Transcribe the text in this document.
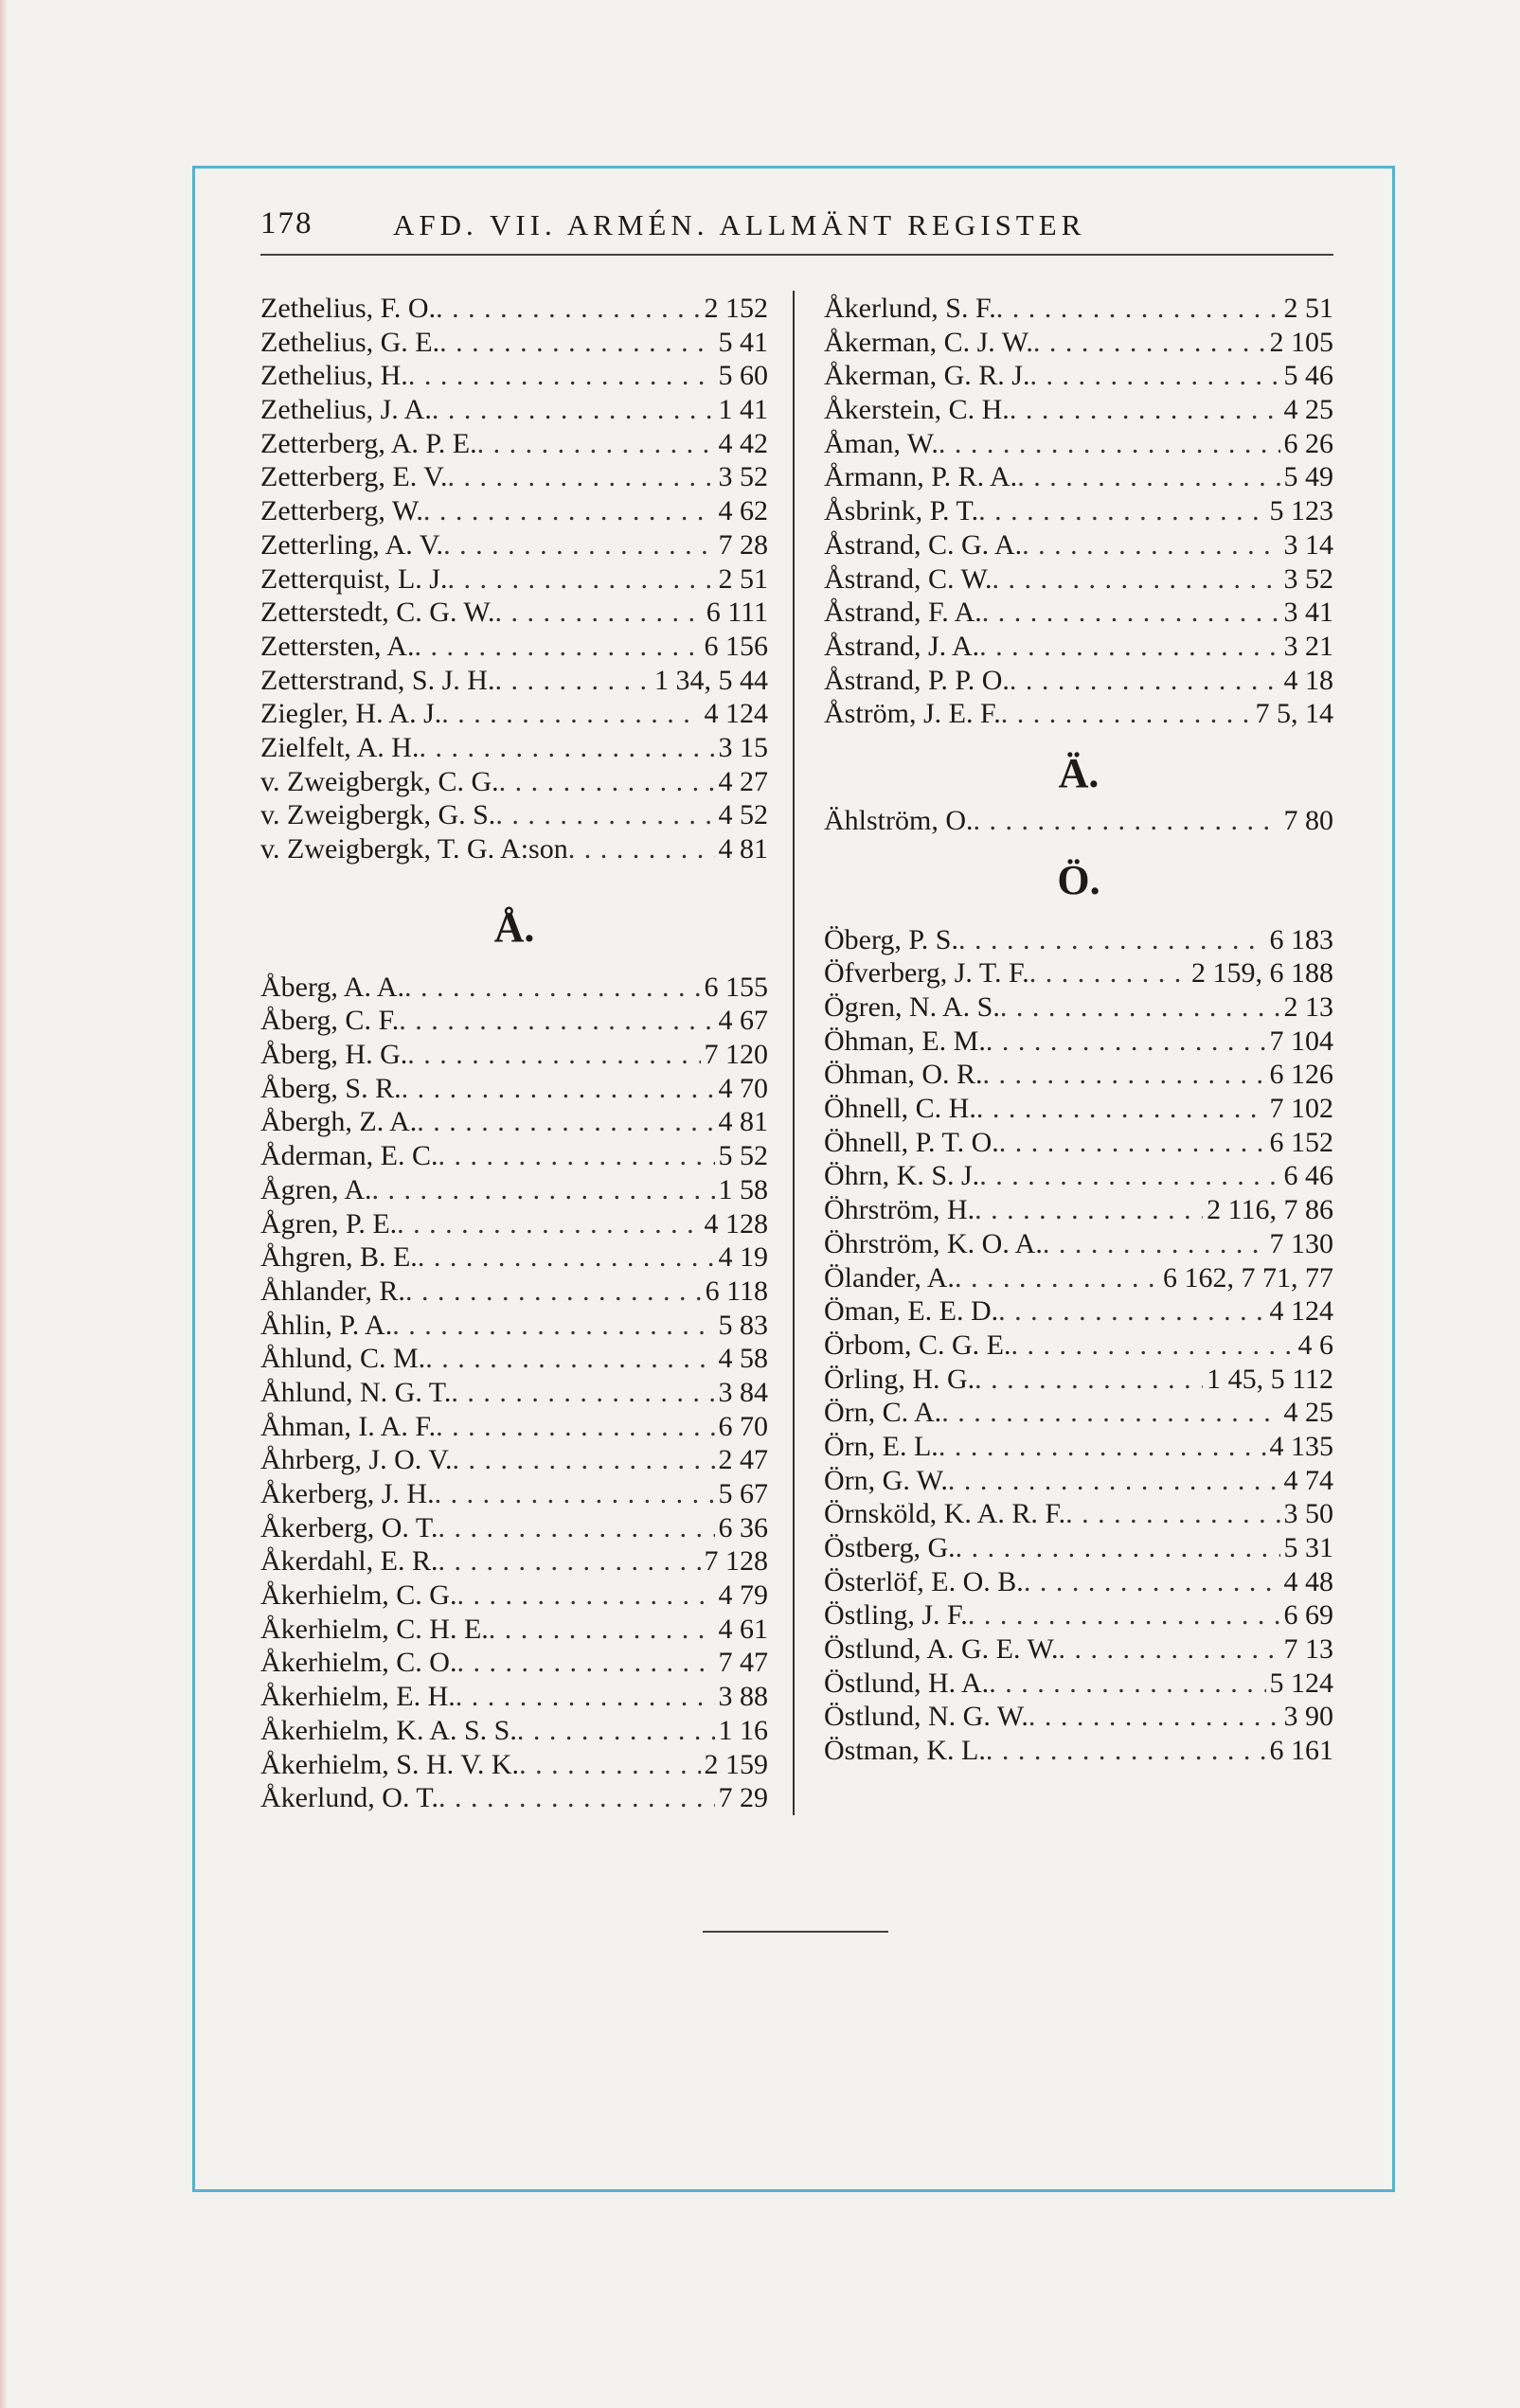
178	AFD. VII. ARMÉN. ALLMÄNT REGISTER
Zethelius, F. O. . . .	2 152
Zethelius, G. E. . . .	5 41
Zethelius, H. . . .	5 60
Zethelius, J. A. . . .	1 41
Zetterberg, A. P. E. . . .	4 42
Zetterberg, E. V. . . .	3 52
Zetterberg, W. . . .	4 62
Zetterling, A. V. . . .	7 28
Zetterquist, L. J. . . .	2 51
Zetterstedt, C. G. W. . . .	6 111
Zettersten, A. . . .	6 156
Zetterstrand, S. J. H. . . .	1 34, 5 44
Ziegler, H. A. J. . . .	4 124
Zielfelt, A. H. . . .	3 15
v. Zweigbergk, C. G. . . .	4 27
v. Zweigbergk, G. S. . . .	4 52
v. Zweigbergk, T. G. A:son . . .	4 81
Å.
Åberg, A. A. . . .	6 155
Åberg, C. F. . . .	4 67
Åberg, H. G. . . .	7 120
Åberg, S. R. . . .	4 70
Åbergh, Z. A. . . .	4 81
Åderman, E. C. . . .	5 52
Ågren, A. . . .	1 58
Ågren, P. E. . . .	4 128
Åhgren, B. E. . . .	4 19
Åhlander, R. . . .	6 118
Åhlin, P. A. . . .	5 83
Åhlund, C. M. . . .	4 58
Åhlund, N. G. T. . . .	3 84
Åhman, I. A. F. . . .	6 70
Åhrberg, J. O. V. . . .	2 47
Åkerberg, J. H. . . .	5 67
Åkerberg, O. T. . . .	6 36
Åkerdahl, E. R. . . .	7 128
Åkerhielm, C. G. . . .	4 79
Åkerhielm, C. H. E. . . .	4 61
Åkerhielm, C. O. . . .	7 47
Åkerhielm, E. H. . . .	3 88
Åkerhielm, K. A. S. S. . . .	1 16
Åkerhielm, S. H. V. K. . . .	2 159
Åkerlund, O. T. . . .	7 29
Åkerlund, S. F. . . .	2 51
Åkerman, C. J. W. . . .	2 105
Åkerman, G. R. J. . . .	5 46
Åkerstein, C. H. . . .	4 25
Åman, W. . . .	6 26
Årmann, P. R. A. . . .	5 49
Åsbrink, P. T. . . .	5 123
Åstrand, C. G. A. . . .	3 14
Åstrand, C. W. . . .	3 52
Åstrand, F. A. . . .	3 41
Åstrand, J. A. . . .	3 21
Åstrand, P. P. O. . . .	4 18
Åström, J. E. F. . . .	7 5, 14
Ä.
Ählström, O. . . .	7 80
Ö.
Öberg, P. S. . . .	6 183
Öfverberg, J. T. F. . . .	2 159, 6 188
Ögren, N. A. S. . . .	2 13
Öhman, E. M. . . .	7 104
Öhman, O. R. . . .	6 126
Öhnell, C. H. . . .	7 102
Öhnell, P. T. O. . . .	6 152
Öhrn, K. S. J. . . .	6 46
Öhrström, H. . . .	2 116, 7 86
Öhrström, K. O. A. . . .	7 130
Ölander, A. . . .	6 162, 7 71, 77
Öman, E. E. D. . . .	4 124
Örbom, C. G. E. . . .	4 6
Örling, H. G. . . .	1 45, 5 112
Örn, C. A. . . .	4 25
Örn, E. L. . . .	4 135
Örn, G. W. . . .	4 74
Örnsköld, K. A. R. F. . . .	3 50
Östberg, G. . . .	5 31
Österlöf, E. O. B. . . .	4 48
Östling, J. F. . . .	6 69
Östlund, A. G. E. W. . . .	7 13
Östlund, H. A. . . .	5 124
Östlund, N. G. W. . . .	3 90
Östman, K. L. . . .	6 161
